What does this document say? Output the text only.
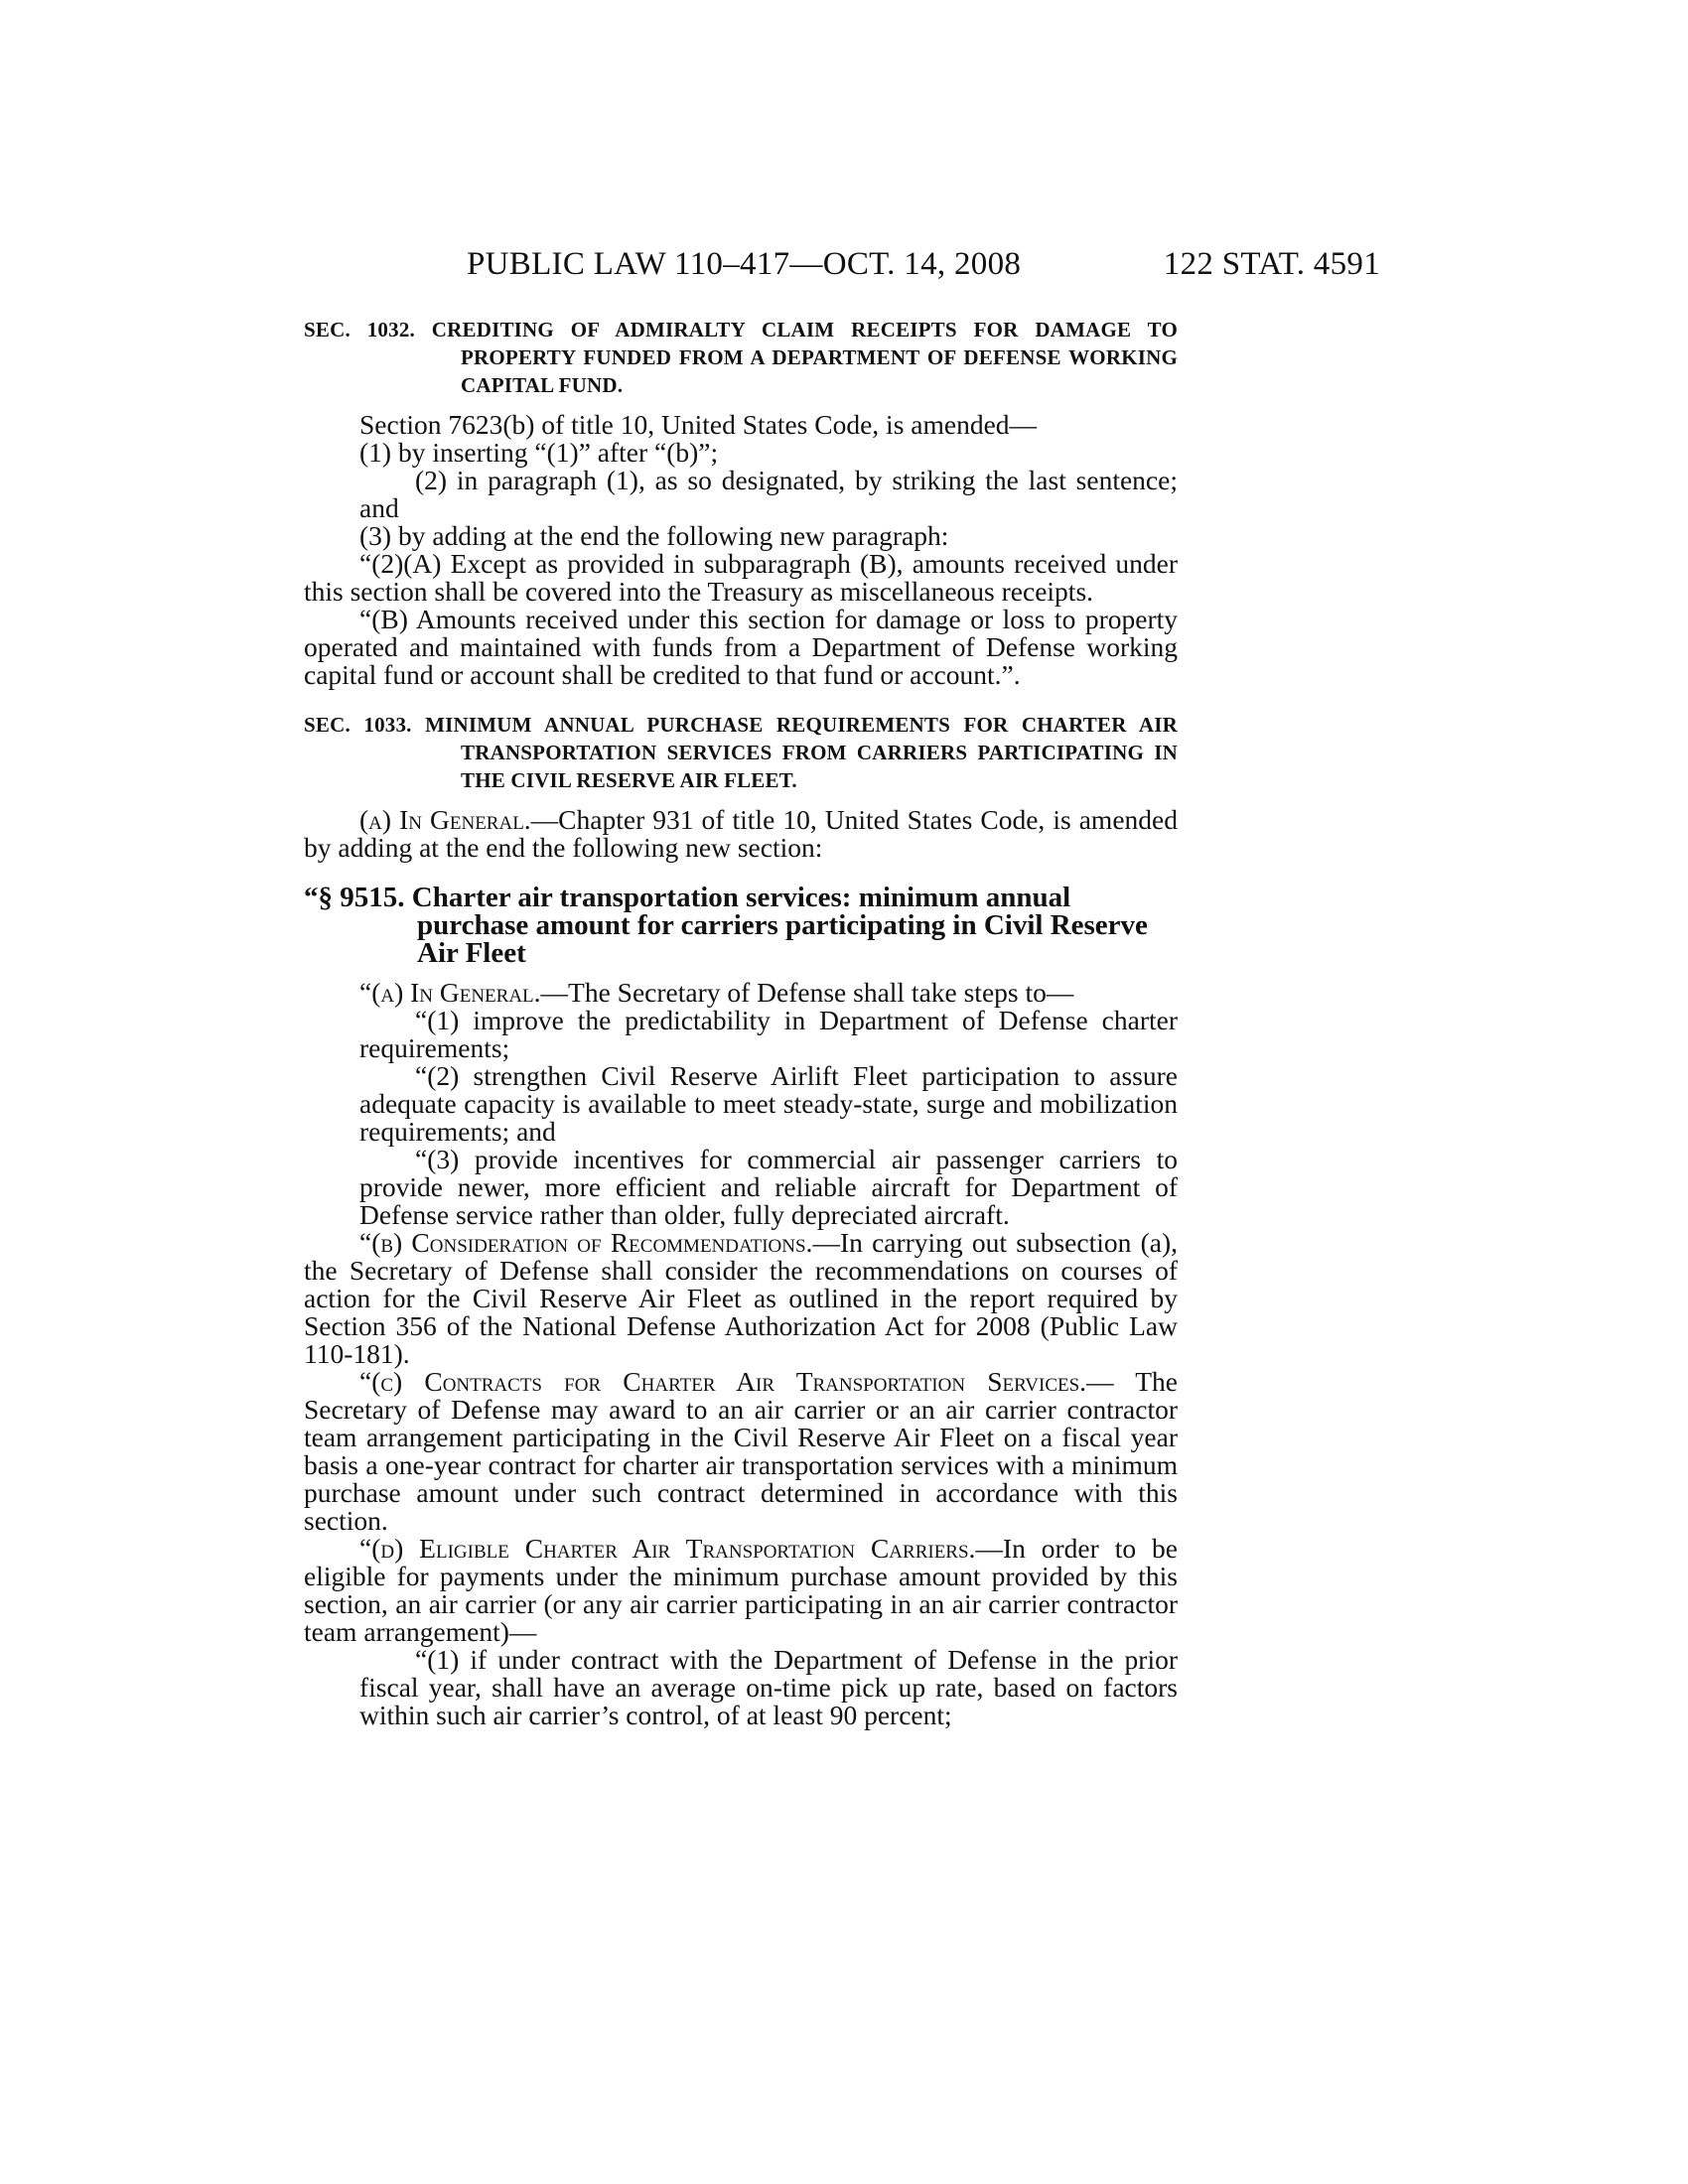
PUBLIC LAW 110–417—OCT. 14, 2008	122 STAT. 4591
SEC. 1032. CREDITING OF ADMIRALTY CLAIM RECEIPTS FOR DAMAGE TO PROPERTY FUNDED FROM A DEPARTMENT OF DEFENSE WORKING CAPITAL FUND.

Section 7623(b) of title 10, United States Code, is amended—

(1) by inserting “(1)” after “(b)”;

(2) in paragraph (1), as so designated, by striking the last sentence; and

(3) by adding at the end the following new paragraph:

“(2)(A) Except as provided in subparagraph (B), amounts received under this section shall be covered into the Treasury as miscellaneous receipts.

“(B) Amounts received under this section for damage or loss to property operated and maintained with funds from a Department of Defense working capital fund or account shall be credited to that fund or account.”.

SEC. 1033. MINIMUM ANNUAL PURCHASE REQUIREMENTS FOR CHARTER AIR TRANSPORTATION SERVICES FROM CARRIERS PARTICIPATING IN THE CIVIL RESERVE AIR FLEET.

(a) In General.—Chapter 931 of title 10, United States Code, is amended by adding at the end the following new section:

“§ 9515. Charter air transportation services: minimum annual purchase amount for carriers participating in Civil Reserve Air Fleet

“(a) In General.—The Secretary of Defense shall take steps to—

“(1) improve the predictability in Department of Defense charter requirements;

“(2) strengthen Civil Reserve Airlift Fleet participation to assure adequate capacity is available to meet steady-state, surge and mobilization requirements; and

“(3) provide incentives for commercial air passenger carriers to provide newer, more efficient and reliable aircraft for Department of Defense service rather than older, fully depreciated aircraft.

“(b) Consideration of Recommendations.—In carrying out subsection (a), the Secretary of Defense shall consider the recommendations on courses of action for the Civil Reserve Air Fleet as outlined in the report required by Section 356 of the National Defense Authorization Act for 2008 (Public Law 110-181).

“(c) Contracts for Charter Air Transportation Services.— The Secretary of Defense may award to an air carrier or an air carrier contractor team arrangement participating in the Civil Reserve Air Fleet on a fiscal year basis a one-year contract for charter air transportation services with a minimum purchase amount under such contract determined in accordance with this section.

“(d) Eligible Charter Air Transportation Carriers.—In order to be eligible for payments under the minimum purchase amount provided by this section, an air carrier (or any air carrier participating in an air carrier contractor team arrangement)—

“(1) if under contract with the Department of Defense in the prior fiscal year, shall have an average on-time pick up rate, based on factors within such air carrier’s control, of at least 90 percent;
